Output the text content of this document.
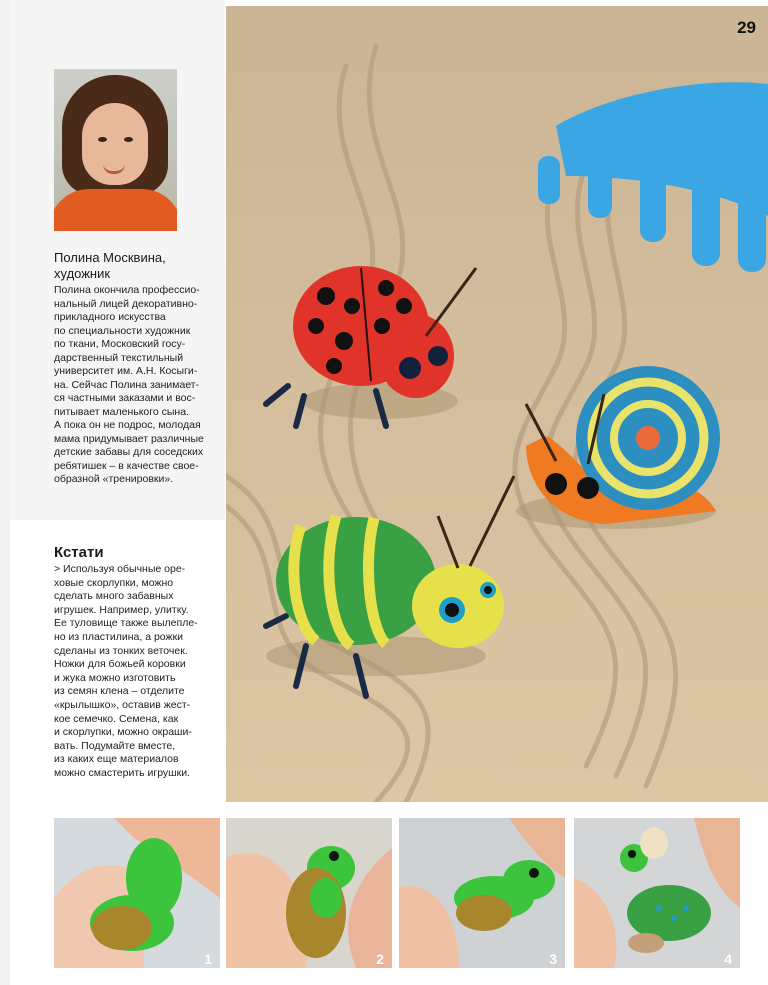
Полина Москвина,
художник
Полина окончила профессио-
нальный лицей декоративно-
прикладного искусства
по специальности художник
по ткани, Московский госу-
дарственный текстильный
университет им. А.Н. Косыги-
на. Сейчас Полина занимает-
ся частными заказами и вос-
питывает маленького сына.
А пока он не подрос, молодая
мама придумывает различные
детские забавы для соседских
ребятишек – в качестве свое-
образной «тренировки».
Кстати
> Используя обычные оре-
ховые скорлупки, можно
сделать много забавных
игрушек. Например, улитку.
Ее туловище также вылепле-
но из пластилина, а рожки
сделаны из тонких веточек.
Ножки для божьей коровки
и жука можно изготовить
из семян клена – отделите
«крылышко», оставив жест-
кое семечко. Семена, как
и скорлупки, можно окраши-
вать. Подумайте вместе,
из каких еще материалов
можно смастерить игрушки.
29
1	2	3	4
